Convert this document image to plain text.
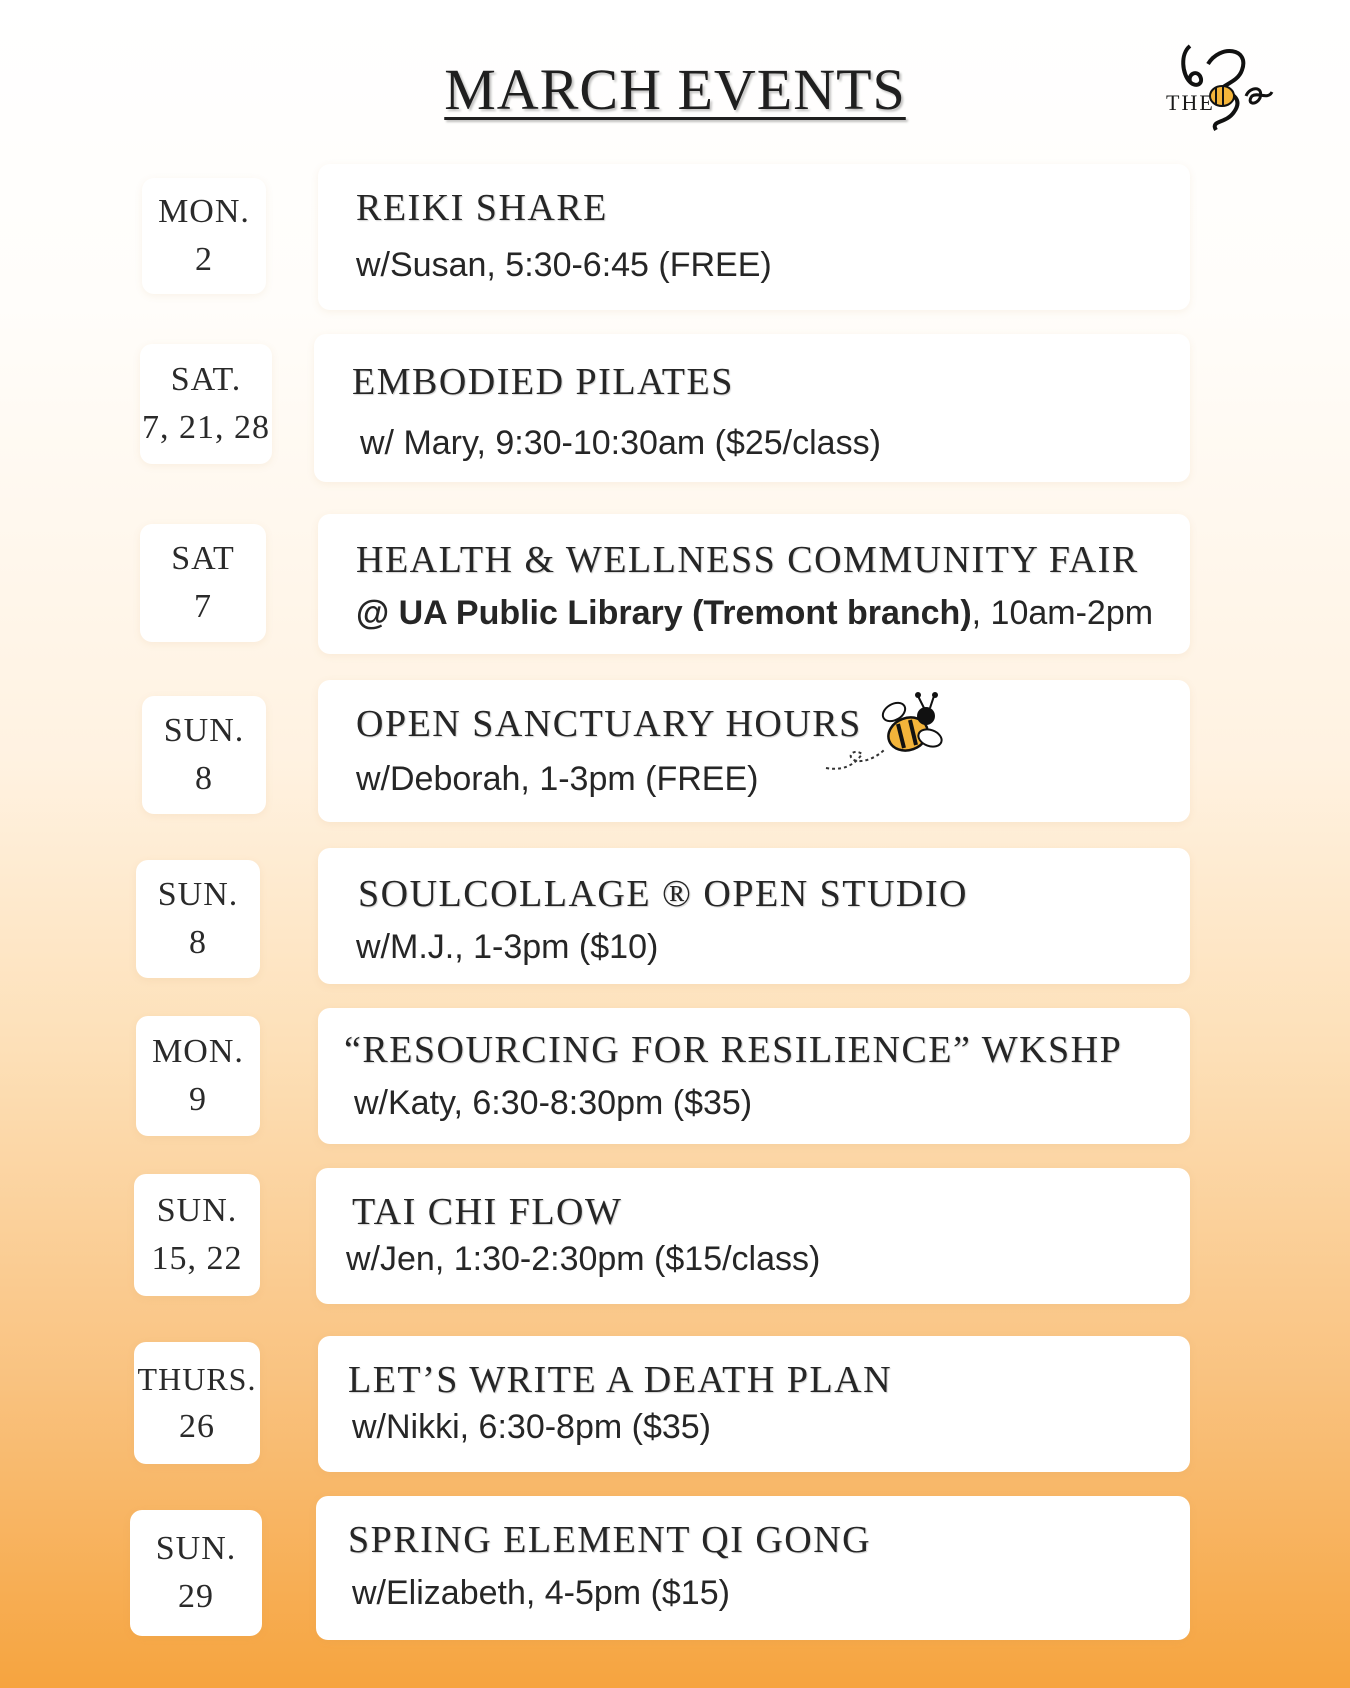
MARCH EVENTS	THE
MON.
2
REIKI SHARE
w/Susan, 5:30-6:45 (FREE)
SAT.
7, 21, 28
EMBODIED PILATES
w/ Mary, 9:30-10:30am ($25/class)
SAT
7
HEALTH & WELLNESS COMMUNITY FAIR
@ UA Public Library (Tremont branch), 10am-2pm
SUN.
8
OPEN SANCTUARY HOURS
w/Deborah, 1-3pm (FREE)
SUN.
8
SOULCOLLAGE ® OPEN STUDIO
w/M.J., 1-3pm ($10)
MON.
9
“RESOURCING FOR RESILIENCE” WKSHP
w/Katy, 6:30-8:30pm ($35)
SUN.
15, 22
TAI CHI FLOW
w/Jen, 1:30-2:30pm ($15/class)
THURS.
26
LET’S WRITE A DEATH PLAN
w/Nikki, 6:30-8pm ($35)
SUN.
29
SPRING ELEMENT QI GONG
w/Elizabeth, 4-5pm ($15)
